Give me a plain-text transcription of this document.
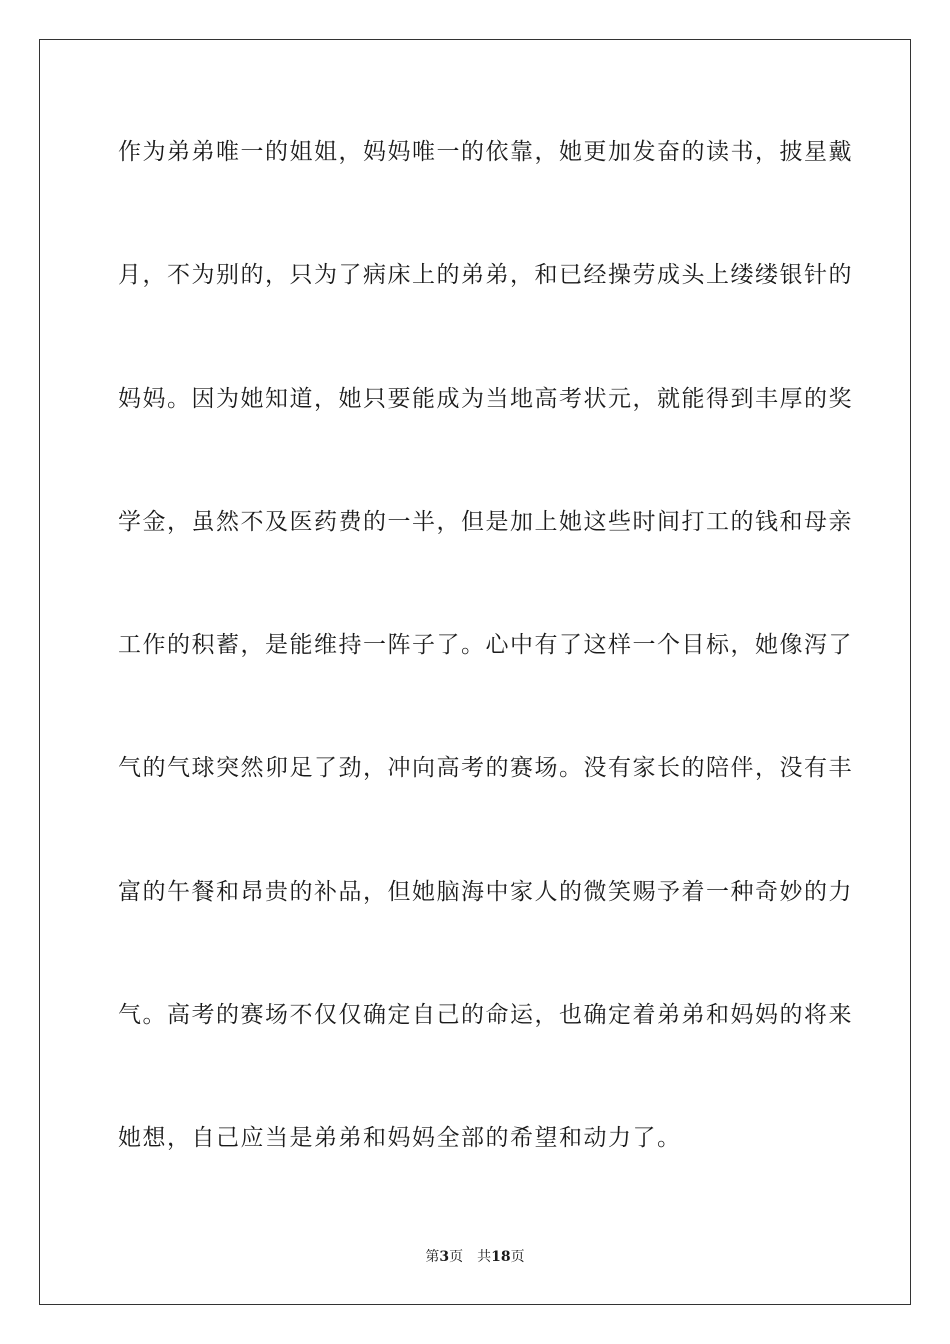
作为弟弟唯一的姐姐，妈妈唯一的依靠，她更加发奋的读书，披星戴
月，不为别的，只为了病床上的弟弟，和已经操劳成头上缕缕银针的
妈妈。因为她知道，她只要能成为当地高考状元，就能得到丰厚的奖
学金，虽然不及医药费的一半，但是加上她这些时间打工的钱和母亲
工作的积蓄，是能维持一阵子了。心中有了这样一个目标，她像泻了
气的气球突然卯足了劲，冲向高考的赛场。没有家长的陪伴，没有丰
富的午餐和昂贵的补品，但她脑海中家人的微笑赐予着一种奇妙的力
气。高考的赛场不仅仅确定自己的命运，也确定着弟弟和妈妈的将来
她想，自己应当是弟弟和妈妈全部的希望和动力了。
第3页 共18页
